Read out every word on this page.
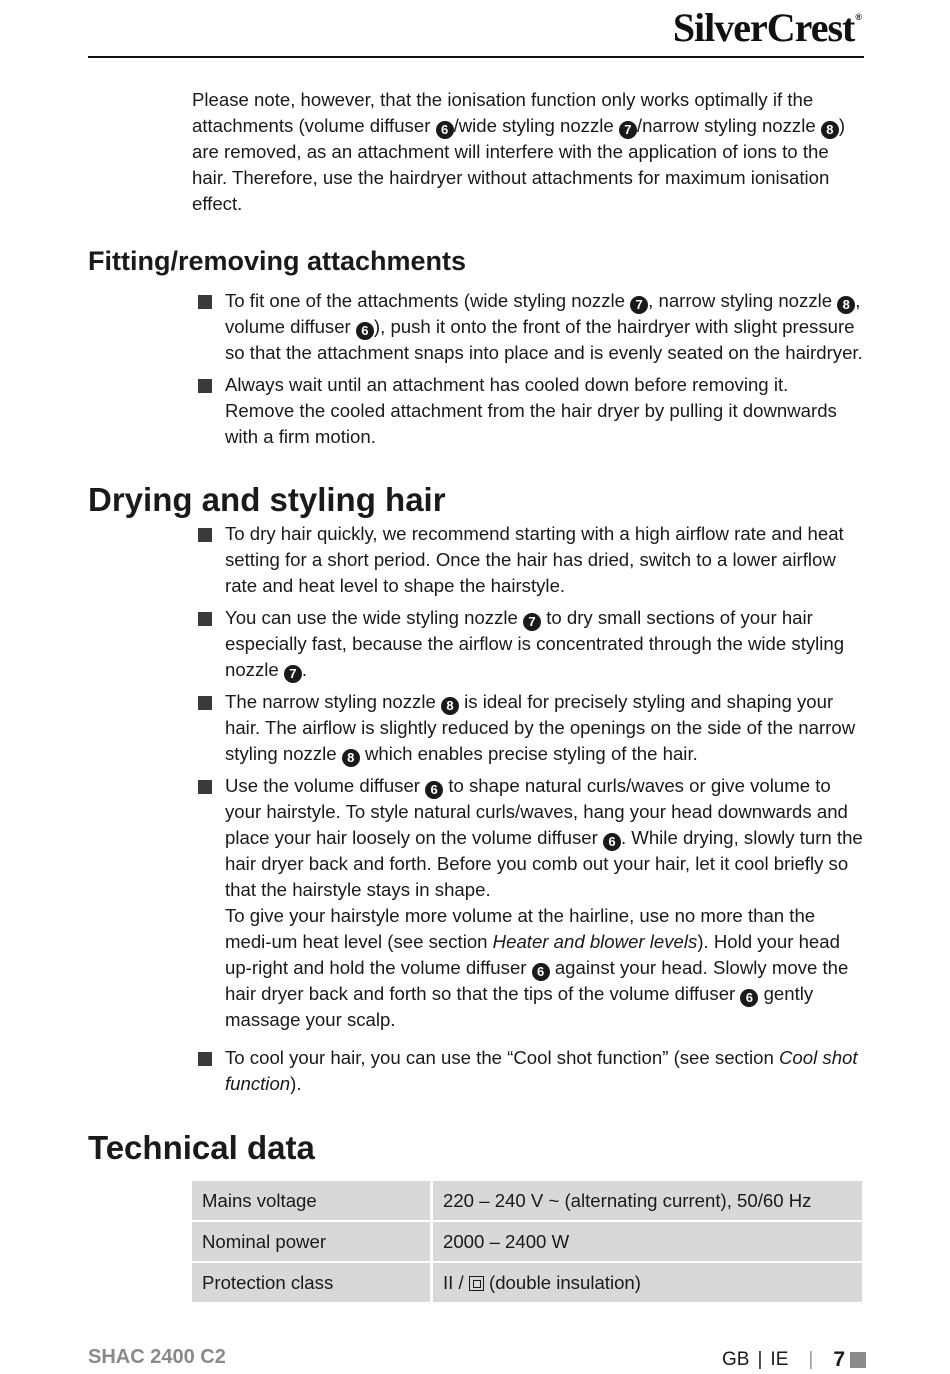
SilverCrest®

Please note, however, that the ionisation function only works optimally if the attachments (volume diffuser 6 /wide styling nozzle 7 /narrow styling nozzle 8 ) are removed, as an attachment will interfere with the application of ions to the hair. Therefore, use the hairdryer without attachments for maximum ionisation effect.

Fitting/removing attachments
To fit one of the attachments (wide styling nozzle 7 , narrow styling nozzle 8 , volume diffuser 6 ), push it onto the front of the hairdryer with slight pressure so that the attachment snaps into place and is evenly seated on the hairdryer.
Always wait until an attachment has cooled down before removing it.
Remove the cooled attachment from the hair dryer by pulling it downwards with a firm motion.
Drying and styling hair
To dry hair quickly, we recommend starting with a high airflow rate and heat setting for a short period. Once the hair has dried, switch to a lower airflow rate and heat level to shape the hairstyle.
You can use the wide styling nozzle 7 to dry small sections of your hair especially fast, because the airflow is concentrated through the wide styling nozzle 7 .
The narrow styling nozzle 8 is ideal for precisely styling and shaping your hair. The airflow is slightly reduced by the openings on the side of the narrow styling nozzle 8 which enables precise styling of the hair.
Use the volume diffuser 6 to shape natural curls/waves or give volume to your hairstyle. To style natural curls/waves, hang your head downwards and place your hair loosely on the volume diffuser 6 . While drying, slowly turn the hair dryer back and forth. Before you comb out your hair, let it cool briefly so that the hairstyle stays in shape.
To give your hairstyle more volume at the hairline, use no more than the medi-um heat level (see section Heater and blower levels). Hold your head up-right and hold the volume diffuser 6 against your head. Slowly move the hair dryer back and forth so that the tips of the volume diffuser 6 gently massage your scalp.
To cool your hair, you can use the “Cool shot function” (see section Cool shot function).
Technical data
Mains voltage	220 – 240 V ~ (alternating current), 50/60 Hz
Nominal power	2000 – 2400 W
Protection class	II /  (double insulation)
SHAC 2400 C2	GB | IE | 7
